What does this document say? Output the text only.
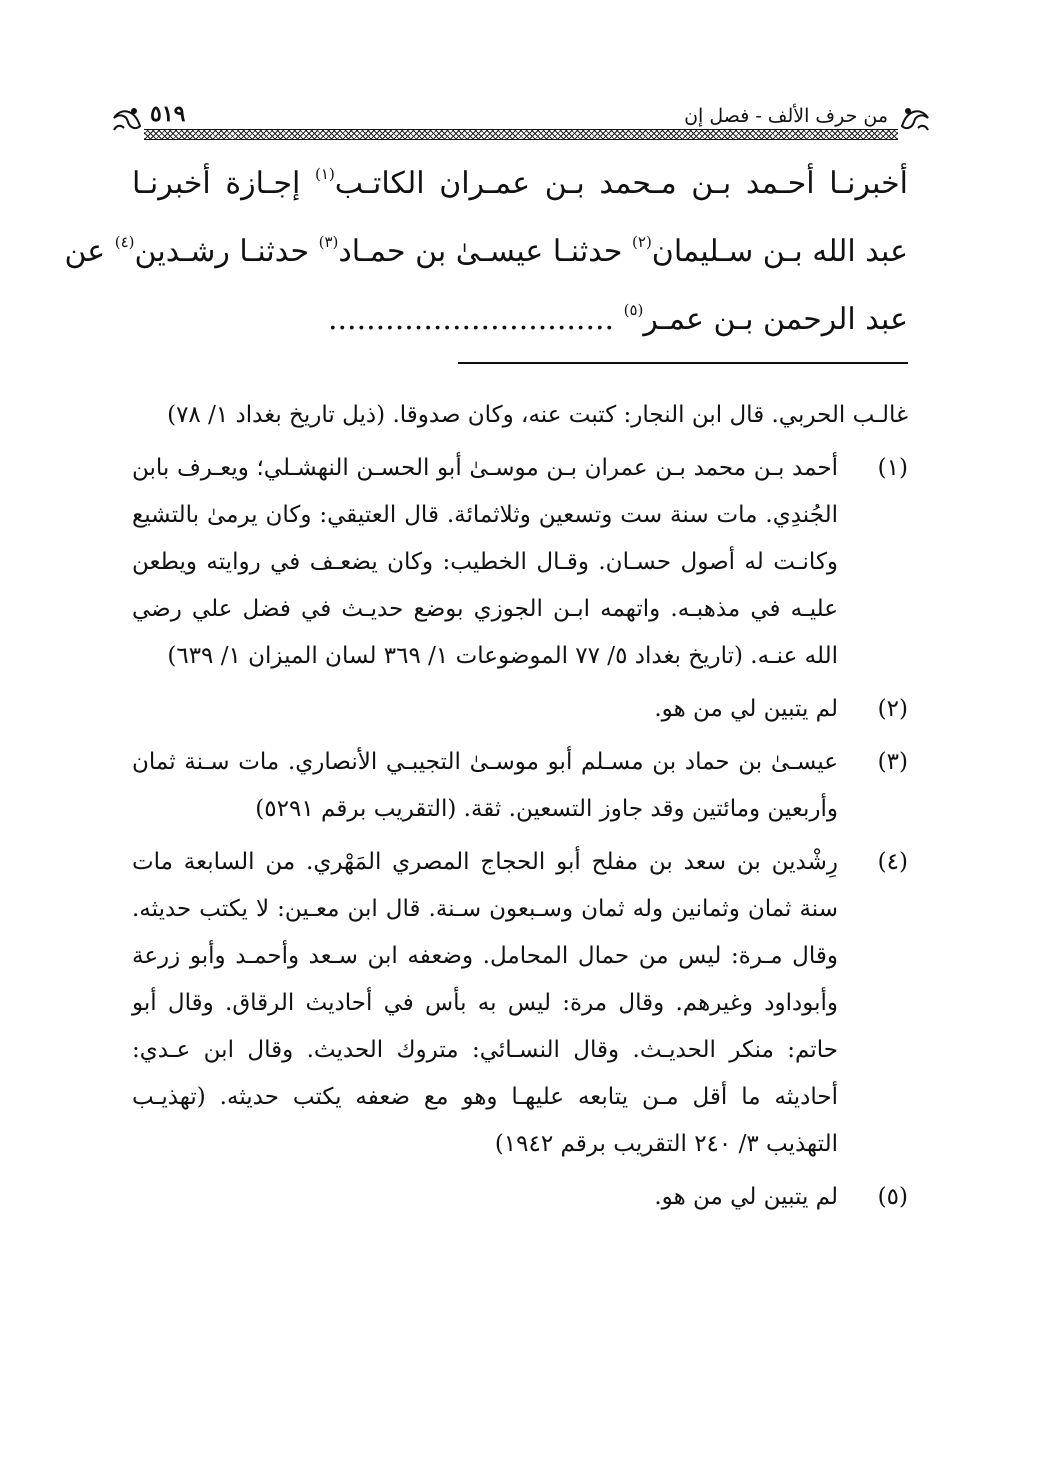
من حرف الألف - فصل إن
٥١٩
أخبرنـا أحـمد بـن مـحمد بـن عمـران الكاتـب$^{(١)}$ إجـازة أخبرنـا
عبد الله بـن سـليمان$^{(٢)}$ حدثنـا عيسـىٰ بن حمـاد$^{(٣)}$ حدثنـا رشـدين$^{(٤)}$ عن
عبد الرحمن بـن عمـر$^{(٥)}$ ..............................

غالـب الحربي. قال ابن النجار: كتبت عنه، وكان صدوقا. (ذيل تاريخ بغداد ١/ ٧٨)

(١)
أحمد بـن محمد بـن عمران بـن موسـىٰ أبو الحسـن النهشـلي؛ ويعـرف بابن الجُندِي. مات سنة ست وتسعين وثلاثمائة. قال العتيقي: وكان يرمىٰ بالتشيع وكانـت له أصول حسـان. وقـال الخطيب: وكان يضعـف في روايته ويطعن عليـه في مذهبـه. واتهمه ابـن الجوزي بوضع حديـث في فضل علي رضي الله عنـه. (تاريخ بغداد ٥/ ٧٧ الموضوعات ١/ ٣٦٩ لسان الميزان ١/ ٦٣٩)
(٢)
لم يتبين لي من هو.
(٣)
عيسـىٰ بن حماد بن مسـلم أبو موسـىٰ التجيبـي الأنصاري. مات سـنة ثمان وأربعين ومائتين وقد جاوز التسعين. ثقة. (التقريب برقم ٥٢٩١)
(٤)
رِشْدين بن سعد بن مفلح أبو الحجاج المصري المَهْري. من السابعة مات سنة ثمان وثمانين وله ثمان وسـبعون سـنة. قال ابن معـين: لا يكتب حديثه. وقال مـرة: ليس من حمال المحامل. وضعفه ابن سـعد وأحمـد وأبو زرعة وأبوداود وغيرهم. وقال مرة: ليس به بأس في أحاديث الرقاق. وقال أبو حاتم: منكر الحديـث. وقال النسـائي: متروك الحديث. وقال ابن عـدي: أحاديثه ما أقل مـن يتابعه عليهـا وهو مع ضعفه يكتب حديثه. (تهذيـب التهذيب ٣/ ٢٤٠ التقريب برقم ١٩٤٢)
(٥)
لم يتبين لي من هو.
